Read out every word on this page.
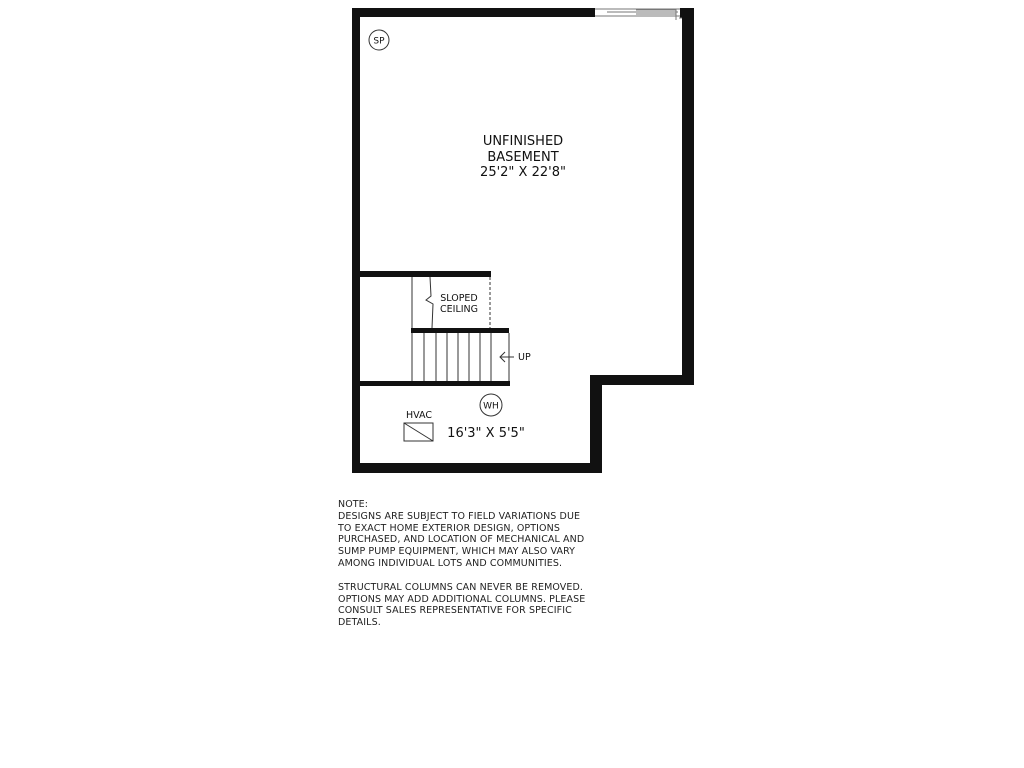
UP
SLOPED
CEILING
UNFINISHED
BASEMENT
25'2" X 22'8"
SP
WH
HVAC
16'3" X 5'5"
NOTE:
DESIGNS ARE SUBJECT TO FIELD VARIATIONS DUE
TO EXACT HOME EXTERIOR DESIGN, OPTIONS
PURCHASED, AND LOCATION OF MECHANICAL AND
SUMP PUMP EQUIPMENT, WHICH MAY ALSO VARY
AMONG INDIVIDUAL LOTS AND COMMUNITIES.
STRUCTURAL COLUMNS CAN NEVER BE REMOVED.
OPTIONS MAY ADD ADDITIONAL COLUMNS. PLEASE
CONSULT SALES REPRESENTATIVE FOR SPECIFIC
DETAILS.
